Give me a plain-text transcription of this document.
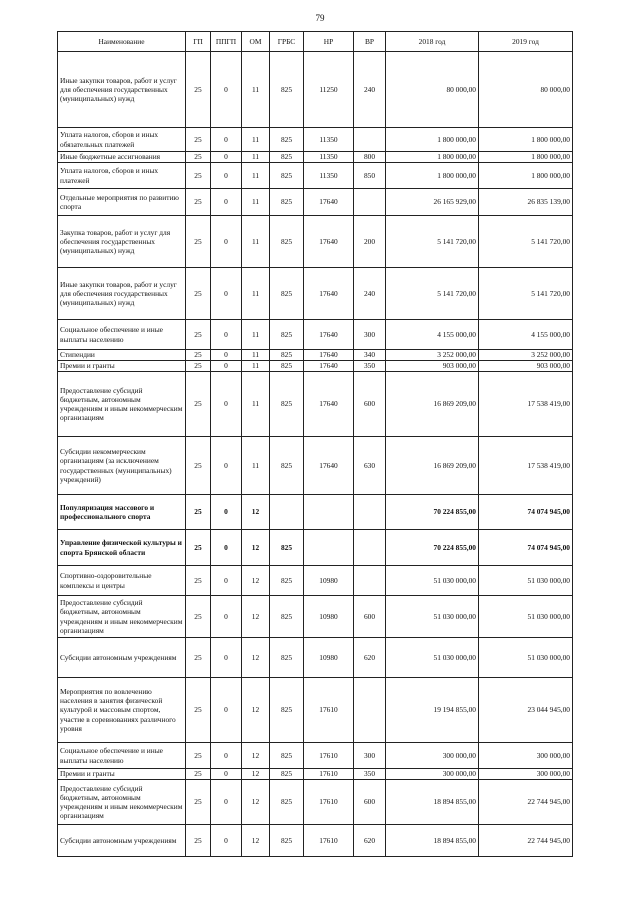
79
Наименование	ГП	ППГП	ОМ	ГРБС	НР	ВР	2018 год	2019 год
Иные закупки товаров, работ и услуг для обеспечения государственных (муниципальных) нужд	25	0	11	825	11250	240	80 000,00	80 000,00
Уплата налогов, сборов и иных обязательных платежей	25	0	11	825	11350		1 800 000,00	1 800 000,00
Иные бюджетные ассигнования	25	0	11	825	11350	800	1 800 000,00	1 800 000,00
Уплата налогов, сборов и иных платежей	25	0	11	825	11350	850	1 800 000,00	1 800 000,00
Отдельные мероприятия по развитию спорта	25	0	11	825	17640		26 165 929,00	26 835 139,00
Закупка товаров, работ и услуг для обеспечения государственных (муниципальных) нужд	25	0	11	825	17640	200	5 141 720,00	5 141 720,00
Иные закупки товаров, работ и услуг для обеспечения государственных (муниципальных) нужд	25	0	11	825	17640	240	5 141 720,00	5 141 720,00
Социальное обеспечение и иные выплаты населению	25	0	11	825	17640	300	4 155 000,00	4 155 000,00
Стипендии	25	0	11	825	17640	340	3 252 000,00	3 252 000,00
Премии и гранты	25	0	11	825	17640	350	903 000,00	903 000,00
Предоставление субсидий бюджетным, автономным учреждениям и иным некоммерческим организациям	25	0	11	825	17640	600	16 869 209,00	17 538 419,00
Субсидии некоммерческим организациям (за исключением государственных (муниципальных) учреждений)	25	0	11	825	17640	630	16 869 209,00	17 538 419,00
Популяризация массового и профессионального спорта	25	0	12				70 224 855,00	74 074 945,00
Управление физической культуры и спорта Брянской области	25	0	12	825			70 224 855,00	74 074 945,00
Спортивно-оздоровительные комплексы и центры	25	0	12	825	10980		51 030 000,00	51 030 000,00
Предоставление субсидий бюджетным, автономным учреждениям и иным некоммерческим организациям	25	0	12	825	10980	600	51 030 000,00	51 030 000,00
Субсидии автономным учреждениям	25	0	12	825	10980	620	51 030 000,00	51 030 000,00
Мероприятия по вовлечению населения в занятия физической культурой и массовым спортом, участие в соревнованиях различного уровня	25	0	12	825	17610		19 194 855,00	23 044 945,00
Социальное обеспечение и иные выплаты населению	25	0	12	825	17610	300	300 000,00	300 000,00
Премии и гранты	25	0	12	825	17610	350	300 000,00	300 000,00
Предоставление субсидий бюджетным, автономным учреждениям и иным некоммерческим организациям	25	0	12	825	17610	600	18 894 855,00	22 744 945,00
Субсидии автономным учреждениям	25	0	12	825	17610	620	18 894 855,00	22 744 945,00
